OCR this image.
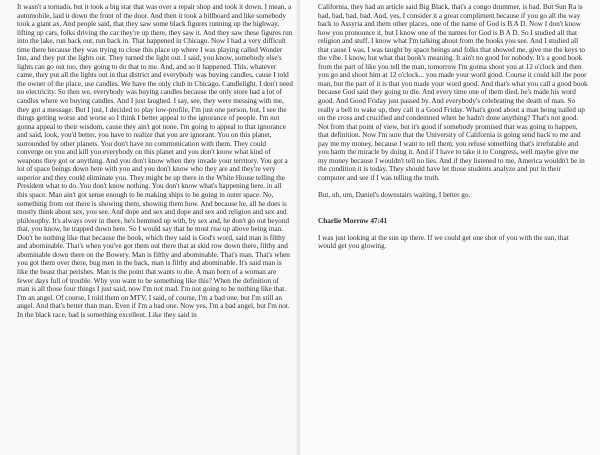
It wasn't a tornado, but it took a big star that was over a repair shop and took it down. I mean, a automobile, laid it down the front of the door. And then it took a billboard and like somebody took a giant ax. And people said, that they saw some black figures running up the highway, lifting up cars, folks driving the car they're up there, they saw it. And they saw these figures run into the lake, run back out, run back in. That happened in Chicago. Now I had a very difficult time there because they was trying to close this place up where I was playing called Wonder Inn, and they put the lights out. They turned the light out. I said, you know, somebody else's lights can go out too, they going to do that to me. And, and so it happened. This, whatever came, they put all the lights out in that district and everybody was buying candles, cause I told the owner of the place, use candles. We have the only club in Chicago. Candlelight. I don't need no electricity. So then we, everybody was buying candles because the only store had a lot of candles where we buying candles. And I just laughed. I say, see, they were messing with me, they got a message. But I just, I decided to play low-profile, I'm just one person, but, I see the things getting worse and worse so I think I better appeal to the ignorance of people. I'm not gonna appeal to their wisdom, cause they ain't got none. I'm going to appeal to that ignorance and said, look, you'd better, you have to realize that you are ignorant. You on this planet, surrounded by other planets. You don't have no communication with them. They could converge on you and kill you everybody on this planet and you don't know what kind of weapons they got or anything. And you don't know when they invade your territory. You got a lot of space beings down here with you and you don't know who they are and they're very superior and they could eliminate you. They might be up there in the White House telling the President what to do. You don't know nothing. You don't know what's happening here, in all this space. Man ain't got sense enough to be making ships to be going in outer space. No, something from out there is showing them, showing them how. And because he, all he does is mostly think about sex, you see. And dope and sex and dope and sex and religion and sex and philosophy. It's always over in there, he's hemmed up with, by sex and, he don't go out beyond that, you know, he trapped down here. So I would say that he must rise up above being man. Don't be nothing like that because the book, which they said is God's word, said man is filthy and abominable. That's when you've got them out there that at skid row down there, filthy and abominable down there on the Bowery. Man is filthy and abominable. That's man. That's when you got them over there, bug men in the back, man is filthy and abominable. It's said man is like the beast that perishes. Man is the point that wants to die. A man born of a woman are fewer days full of trouble. Why you want to be something like this? When the definition of man is all those four things I just said, now I'm not mad. I'm not going to be nothing like that. I'm an angel. Of course, I told them on MTV, I said, of course, I'm a bad one, but I'm still an angel. And that's better than man. Even if I'm a bad one. Now yes, I'm a bad angel, but I'm not. In the black race, bad is something excellent. Like they said in

California, they had an article said Big Black, that's a congo drummer, is bad. But Sun Ra is bad, bad, bad, bad. And, yes, I consider it a great compliment because if you go all the way back to Assyria and them other places, one of the name of God is B A D. Now I don't know how you pronounce it, but I know one of the names for God is B A D. So I studied all that religion and stuff. I know what I'm talking about from the books you see. And I studied all that cause I was, I was taught by space beings and folks that showed me, give me the keys to the vibe. I know, but what that book's meaning. It ain't no good for nobody. It's a good book from the part of like you tell the man, tomorrow I'm gonna shoot you at 12 o'clock and then you go and shoot him at 12 o'clock... you made your word good. Course it could kill the poor man, but the part of it is that you made your word good. And that's what you call a good book because God said they going to die. And every time one of them died, he's made his word good. And Good Friday just passed by. And everybody's celebrating the death of man. So really a bell to wake up, they call it a Good Friday. What's good about a man being nailed up on the cross and crucified and condemned when he hadn't done anything? That's not good. Not from that point of view, but it's good if somebody promised that was going to happen, that definition. Now I'm sure that the University of California is going send back to me and pay me my money, because I want to tell them, you refuse something that's irrefutable and you harm the miracle by doing it. And if I have to take it to Congress, well maybe give me my money because I wouldn't tell no lies. And if they listened to me, America wouldn't be in the condition it is today. They should have let those students analyze and put in their computer and see if I was telling the truth.

But, uh, um, Daniel's downstairs waiting, I better go.

Charlie Morrow 47:41

I was just looking at the sun up there. If we could get one shot of you with the sun, that would get you glowing.
